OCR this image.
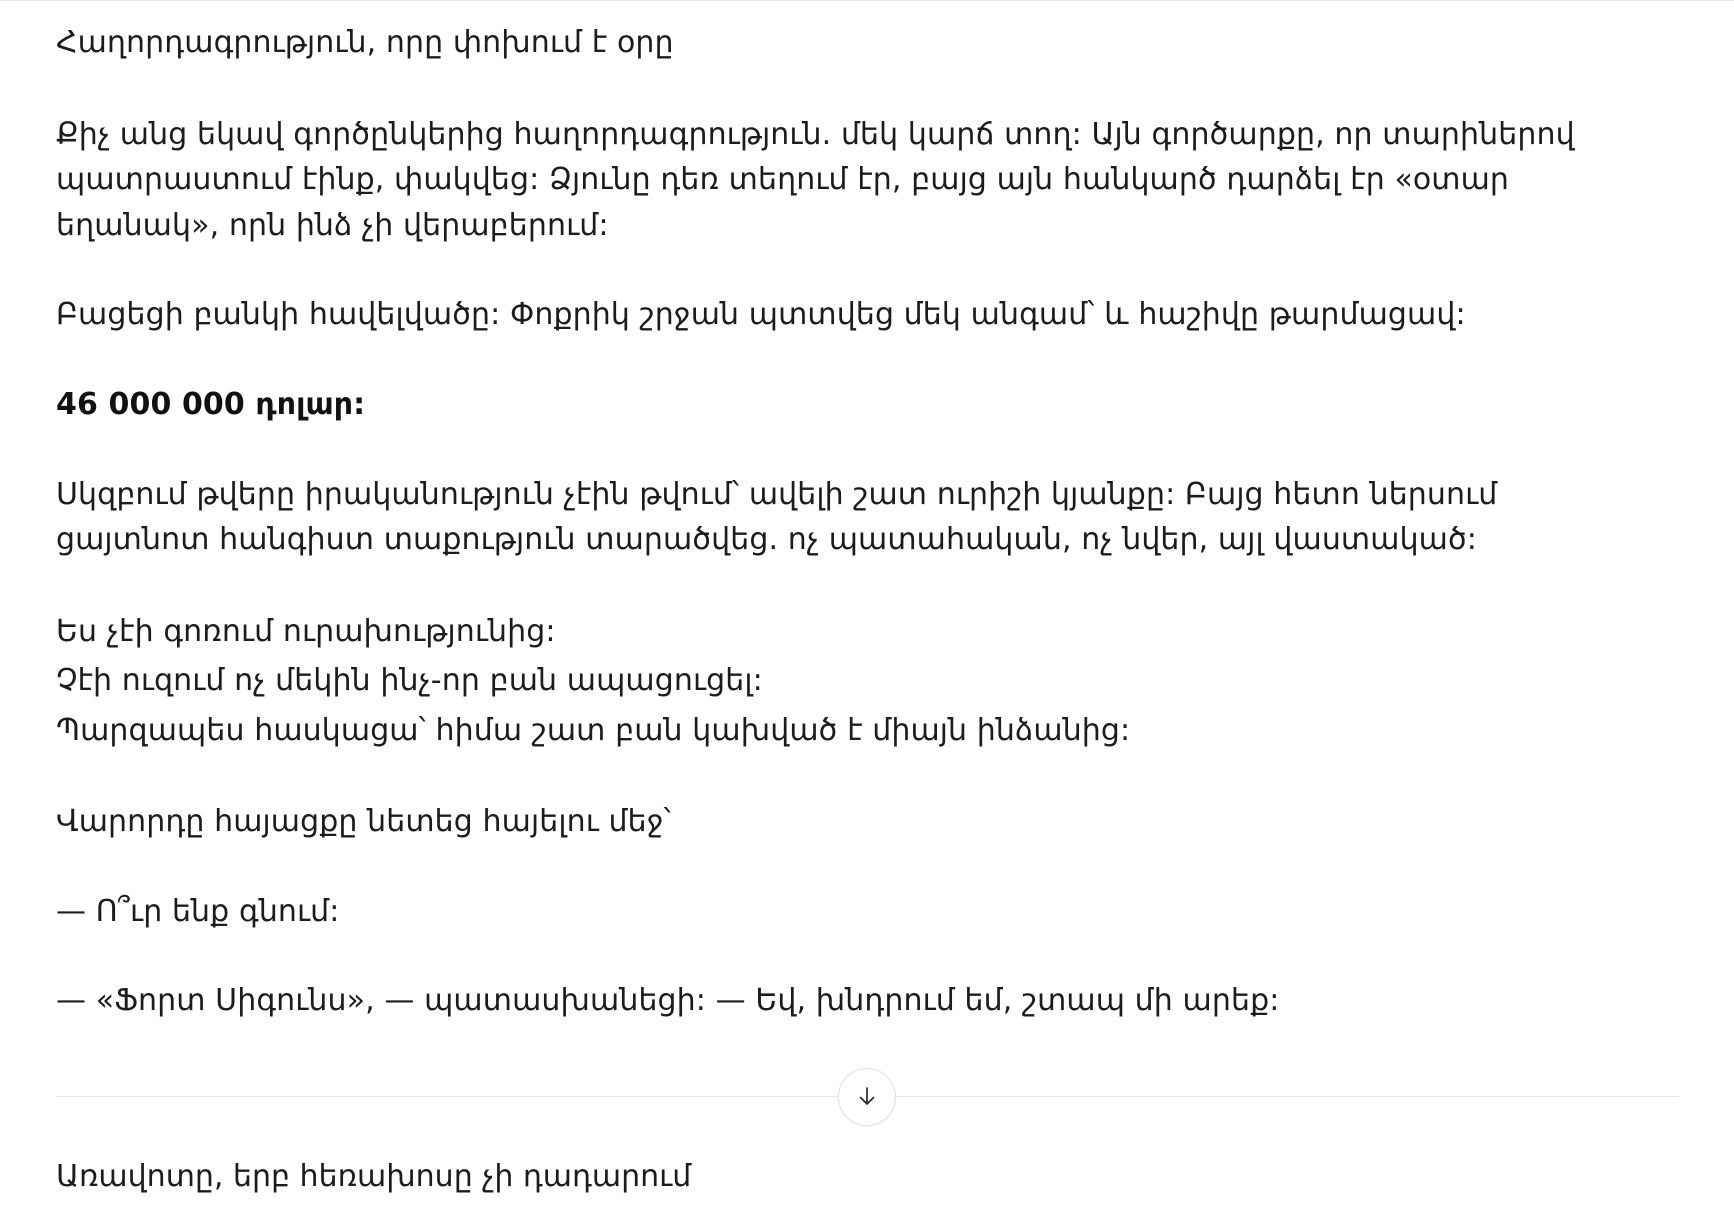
Հաղորդագրություն, որը փոխում է օրը

Քիչ անց եկավ գործընկերից հաղորդագրություն. մեկ կարճ տող: Այն գործարքը, որ տարիներով պատրաստում էինք, փակվեց: Ձյունը դեռ տեղում էր, բայց այն հանկարծ դարձել էր «օտար եղանակ», որն ինձ չի վերաբերում:

Բացեցի բանկի հավելվածը: Փոքրիկ շրջան պտտվեց մեկ անգամ՝ և հաշիվը թարմացավ:

46 000 000 դոլար:

Սկզբում թվերը իրականություն չէին թվում՝ ավելի շատ ուրիշի կյանքը: Բայց հետո ներսում ցայտնոտ հանգիստ տաքություն տարածվեց. ոչ պատահական, ոչ նվեր, այլ վաստակած:

Ես չէի գոռում ուրախությունից:

Չէի ուզում ոչ մեկին ինչ-որ բան ապացուցել:

Պարզապես հասկացա՝ հիմա շատ բան կախված է միայն ինձանից:

Վարորդը հայացքը նետեց հայելու մեջ՝

— Ո՞ւր ենք գնում:

— «Ֆորտ Սիգունս», — պատասխանեցի: — Եվ, խնդրում եմ, շտապ մի արեք:

Առավոտը, երբ հեռախոսը չի դադարում
